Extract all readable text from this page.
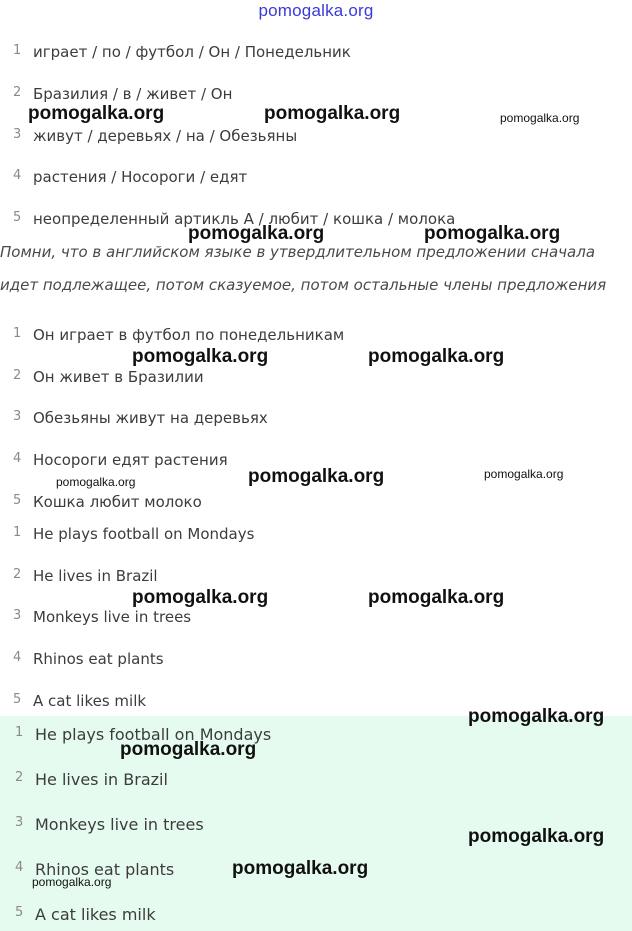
pomogalka.org
1 играет / по / футбол / Он / Понедельник
2 Бразилия / в / живет / Он
3 живут / деревьях / на / Обезьяны
4 растения / Носороги / едят
5 неопределенный артикль A / любит / кошка / молока
Помни, что в английском языке в утвердлительном предложении сначала
идет подлежащее, потом сказуемое, потом остальные члены предложения
1 Он играет в футбол по понедельникам
2 Он живет в Бразилии
3 Обезьяны живут на деревьях
4 Носороги едят растения
5 Кошка любит молоко
1 He plays football on Mondays
2 He lives in Brazil
3 Monkeys live in trees
4 Rhinos eat plants
5 A cat likes milk
1 He plays football on Mondays
2 He lives in Brazil
3 Monkeys live in trees
4 Rhinos eat plants
5 A cat likes milk
pomogalka.org	pomogalka.org	pomogalka.org
pomogalka.org	pomogalka.org
pomogalka.org	pomogalka.org
pomogalka.org	pomogalka.org
pomogalka.org
pomogalka.org	pomogalka.org
pomogalka.org
pomogalka.org
pomogalka.org
pomogalka.org
pomogalka.org
